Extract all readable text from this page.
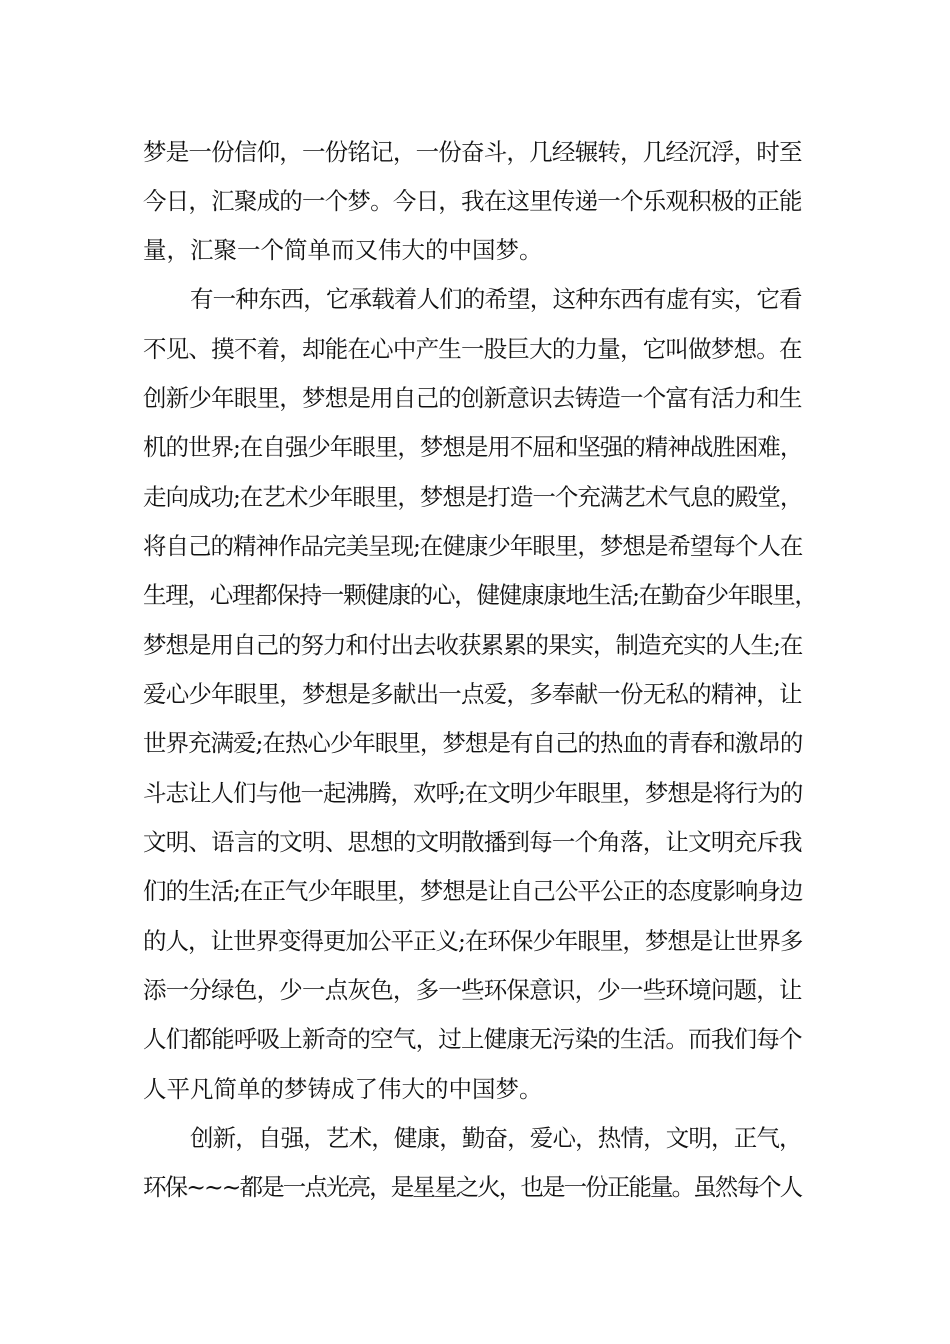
梦是一份信仰，一份铭记，一份奋斗，几经辗转，几经沉浮，时至
今日，汇聚成的一个梦。今日，我在这里传递一个乐观积极的正能
量，汇聚一个简单而又伟大的中国梦。
有一种东西，它承载着人们的希望，这种东西有虚有实，它看
不见、摸不着，却能在心中产生一股巨大的力量，它叫做梦想。在
创新少年眼里，梦想是用自己的创新意识去铸造一个富有活力和生
机的世界;在自强少年眼里，梦想是用不屈和坚强的精神战胜困难，
走向成功;在艺术少年眼里，梦想是打造一个充满艺术气息的殿堂，
将自己的精神作品完美呈现;在健康少年眼里，梦想是希望每个人在
生理，心理都保持一颗健康的心，健健康康地生活;在勤奋少年眼里，
梦想是用自己的努力和付出去收获累累的果实，制造充实的人生;在
爱心少年眼里，梦想是多献出一点爱，多奉献一份无私的精神，让
世界充满爱;在热心少年眼里，梦想是有自己的热血的青春和激昂的
斗志让人们与他一起沸腾，欢呼;在文明少年眼里，梦想是将行为的
文明、语言的文明、思想的文明散播到每一个角落，让文明充斥我
们的生活;在正气少年眼里，梦想是让自己公平公正的态度影响身边
的人，让世界变得更加公平正义;在环保少年眼里，梦想是让世界多
添一分绿色，少一点灰色，多一些环保意识，少一些环境问题，让
人们都能呼吸上新奇的空气，过上健康无污染的生活。而我们每个
人平凡简单的梦铸成了伟大的中国梦。
创新，自强，艺术，健康，勤奋，爱心，热情，文明，正气，
环保~~~都是一点光亮，是星星之火，也是一份正能量。虽然每个人
